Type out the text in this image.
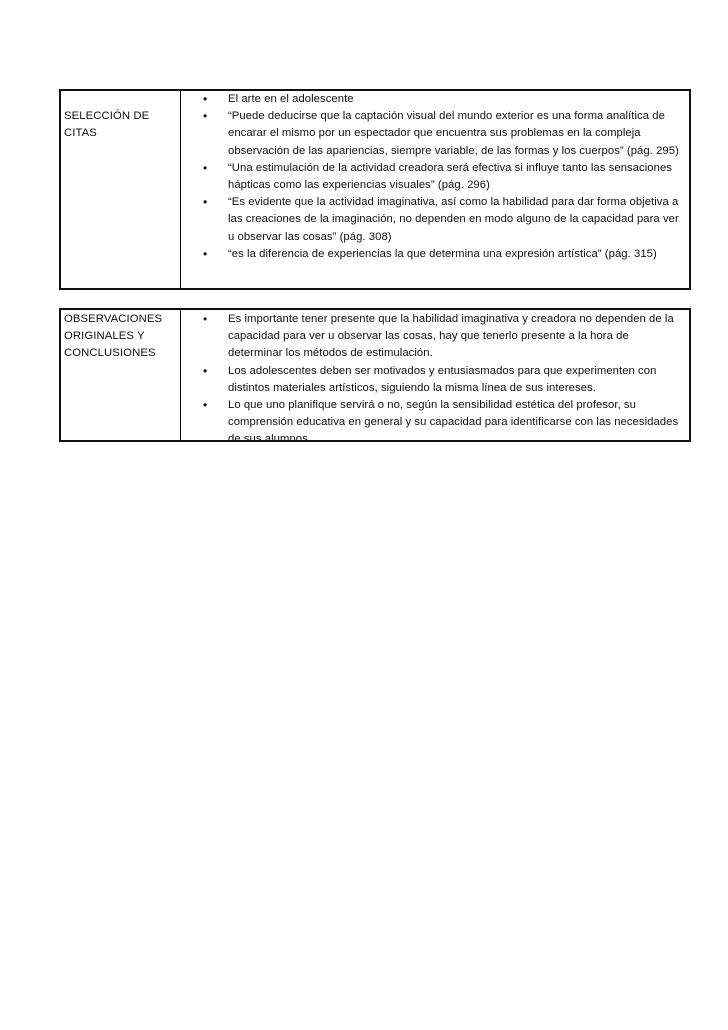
SELECCIÓN DE
CITAS
• El arte en el adolescente
• “Puede deducirse que la captación visual del mundo exterior es una forma analítica de encarar el mismo por un espectador que encuentra sus problemas en la compleja observación de las apariencias, siempre variable, de las formas y los cuerpos” (pág. 295)
• “Una estimulación de la actividad creadora será efectiva si influye tanto las sensaciones hápticas como las experiencias visuales” (pág. 296)
• “Es evidente que la actividad imaginativa, así como la habilidad para dar forma objetiva a las creaciones de la imaginación, no dependen en modo alguno de la capacidad para ver u observar las cosas” (pág. 308)
• “es la diferencia de experiencias la que determina una expresión artística” (pág. 315)
OBSERVACIONES
ORIGINALES Y
CONCLUSIONES
• Es importante tener presente que la habilidad imaginativa y creadora no dependen de la capacidad para ver u observar las cosas, hay que tenerlo presente a la hora de determinar los métodos de estimulación.
• Los adolescentes deben ser motivados y entusiasmados para que experimenten con distintos materiales artísticos, siguiendo la misma línea de sus intereses.
• Lo que uno planifique servirá o no, según la sensibilidad estética del profesor, su comprensión educativa en general y su capacidad para identificarse con las necesidades de sus alumnos.
